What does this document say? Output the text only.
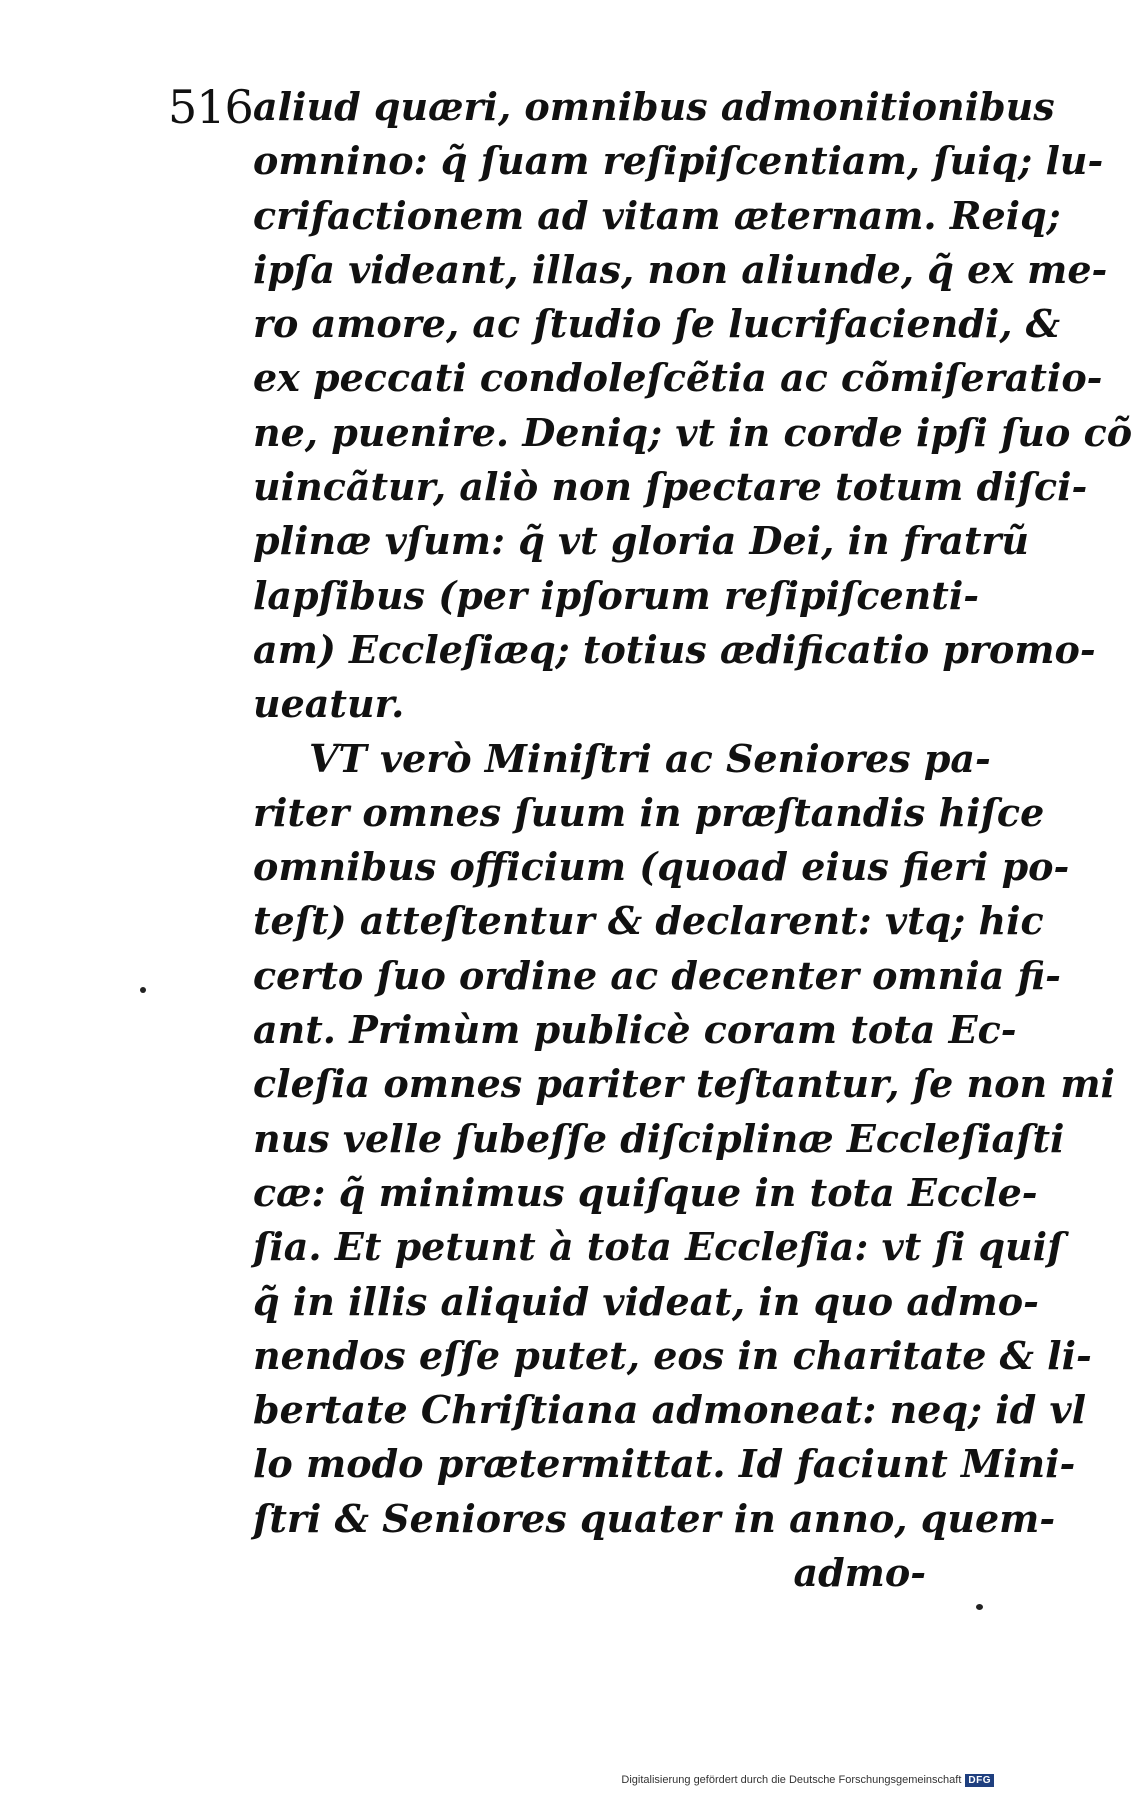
516 aliud quæri, omnibus admonitionibus
omnino: q̃ ſuam reſipiſcentiam, ſuiq; lu-
crifactionem ad vitam æternam. Reiq;
ipſa videant, illas, non aliunde, q̃ ex me-
ro amore, ac ſtudio ſe lucrifaciendi, &
ex peccati condoleſcẽtia ac cõmiſeratio-
ne, puenire. Deniq; vt in corde ipſi ſuo cõ
uincãtur, aliò non ſpectare totum diſci-
plinæ vſum: q̃ vt gloria Dei, in fratrũ
lapſibus (per ipſorum reſipiſcenti-
am) Eccleſiæq; totius ædificatio promo-
ueatur.
VT verò Miniſtri ac Seniores pa-
riter omnes ſuum in præſtandis hiſce
omnibus officium (quoad eius fieri po-
teſt) atteſtentur & declarent: vtq; hic
certo ſuo ordine ac decenter omnia fi-
ant. Primùm publicè coram tota Ec-
cleſia omnes pariter teſtantur, ſe non mi
nus velle ſubeſſe diſciplinæ Eccleſiaſti
cæ: q̃ minimus quiſque in tota Eccle-
ſia. Et petunt à tota Eccleſia: vt ſi quiſ
q̃ in illis aliquid videat, in quo admo-
nendos eſſe putet, eos in charitate & li-
bertate Chriſtiana admoneat: neq; id vl
lo modo prætermittat. Id faciunt Mini-
ſtri & Seniores quater in anno, quem-
admo-
Digitalisierung gefördert durch die Deutsche Forschungsgemeinschaft DFG
